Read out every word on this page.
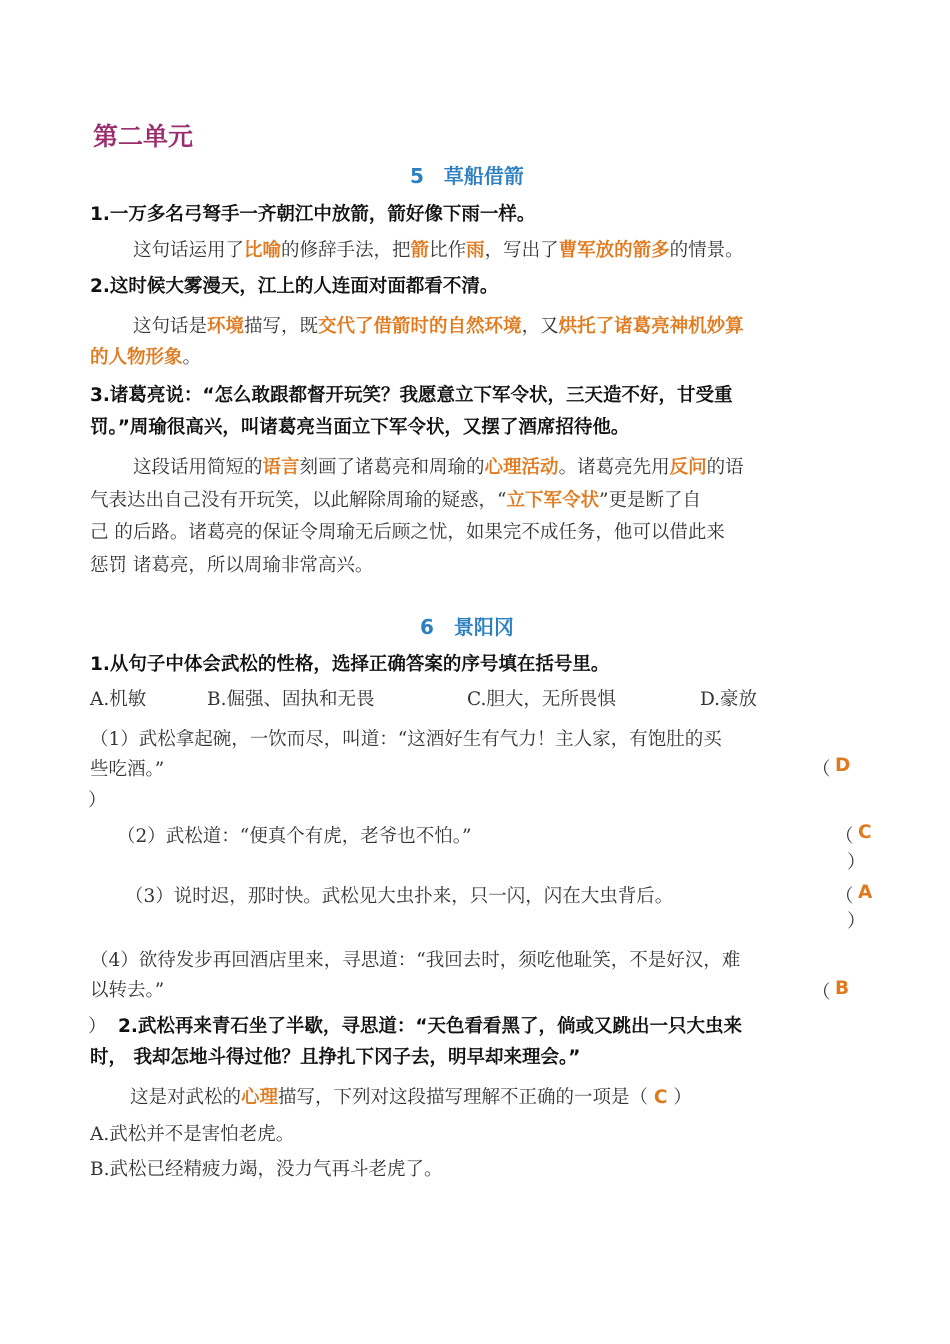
第二单元
5　草船借箭
1.一万多名弓弩手一齐朝江中放箭，箭好像下雨一样。
这句话运用了比喻的修辞手法，把箭比作雨，写出了曹军放的箭多的情景。
2.这时候大雾漫天，江上的人连面对面都看不清。
这句话是环境描写，既交代了借箭时的自然环境，又烘托了诸葛亮神机妙算
的人物形象。
3.诸葛亮说：“怎么敢跟都督开玩笑？我愿意立下军令状，三天造不好，甘受重
罚。”周瑜很高兴，叫诸葛亮当面立下军令状，又摆了酒席招待他。
这段话用简短的语言刻画了诸葛亮和周瑜的心理活动。诸葛亮先用反问的语
气表达出自己没有开玩笑，以此解除周瑜的疑惑，“立下军令状”更是断了自
己 的后路。诸葛亮的保证令周瑜无后顾之忧，如果完不成任务，他可以借此来
惩罚 诸葛亮，所以周瑜非常高兴。
6　景阳冈
1.从句子中体会武松的性格，选择正确答案的序号填在括号里。
A.机敏	B.倔强、固执和无畏	C.胆大，无所畏惧	D.豪放
（1）武松拿起碗，一饮而尽，叫道：“这酒好生有气力！主人家，有饱肚的买
些吃酒。”	（ D
）
（2）武松道：“便真个有虎，老爷也不怕。”	（ C
）
（3）说时迟，那时快。武松见大虫扑来，只一闪，闪在大虫背后。	（ A
）
（4）欲待发步再回酒店里来，寻思道：“我回去时，须吃他耻笑，不是好汉，难
以转去。”	（ B
） 2.武松再来青石坐了半歇，寻思道：“天色看看黑了，倘或又跳出一只大虫来
时， 我却怎地斗得过他？且挣扎下冈子去，明早却来理会。”
这是对武松的心理描写，下列对这段描写理解不正确的一项是（ C ）
A.武松并不是害怕老虎。
B.武松已经精疲力竭，没力气再斗老虎了。
